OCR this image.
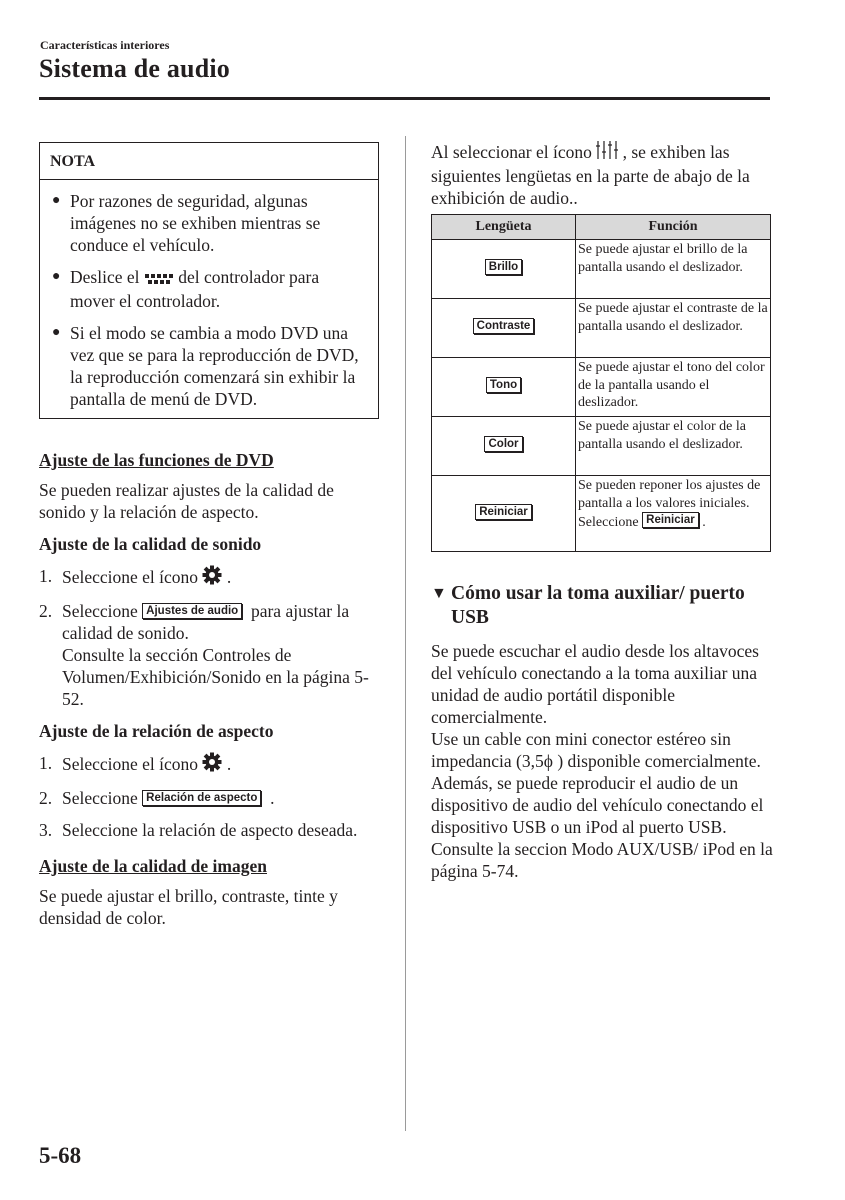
Características interiores
Sistema de audio
NOTA
● Por razones de seguridad, algunas imágenes no se exhiben mientras se conduce el vehículo.
● Deslice el del controlador para mover el controlador.
● Si el modo se cambia a modo DVD una vez que se para la reproducción de DVD, la reproducción comenzará sin exhibir la pantalla de menú de DVD.
Ajuste de las funciones de DVD
Se pueden realizar ajustes de la calidad de sonido y la relación de aspecto.
Ajuste de la calidad de sonido
1. Seleccione el ícono .
2. Seleccione Ajustes de audio para ajustar la calidad de sonido.
Consulte la sección Controles de Volumen/Exhibición/Sonido en la página 5-52.
Ajuste de la relación de aspecto
1. Seleccione el ícono .
2. Seleccione Relación de aspecto .
3. Seleccione la relación de aspecto deseada.
Ajuste de la calidad de imagen
Se puede ajustar el brillo, contraste, tinte y densidad de color.
Al seleccionar el ícono , se exhiben las siguientes lengüetas en la parte de abajo de la exhibición de audio..
Lengüeta	Función
Brillo	Se puede ajustar el brillo de la pantalla usando el deslizador.
Contraste	Se puede ajustar el contraste de la pantalla usando el deslizador.
Tono	Se puede ajustar el tono del color de la pantalla usando el deslizador.
Color	Se puede ajustar el color de la pantalla usando el deslizador.
Reiniciar	Se pueden reponer los ajustes de pantalla a los valores iniciales.
Seleccione Reiniciar .
▼ Cómo usar la toma auxiliar/ puerto USB
Se puede escuchar el audio desde los altavoces del vehículo conectando a la toma auxiliar una unidad de audio portátil disponible comercialmente.
Use un cable con mini conector estéreo sin impedancia (3,5ϕ ) disponible comercialmente.
Además, se puede reproducir el audio de un dispositivo de audio del vehículo conectando el dispositivo USB o un iPod al puerto USB.
Consulte la seccion Modo AUX/USB/ iPod en la página 5-74.
5-68
